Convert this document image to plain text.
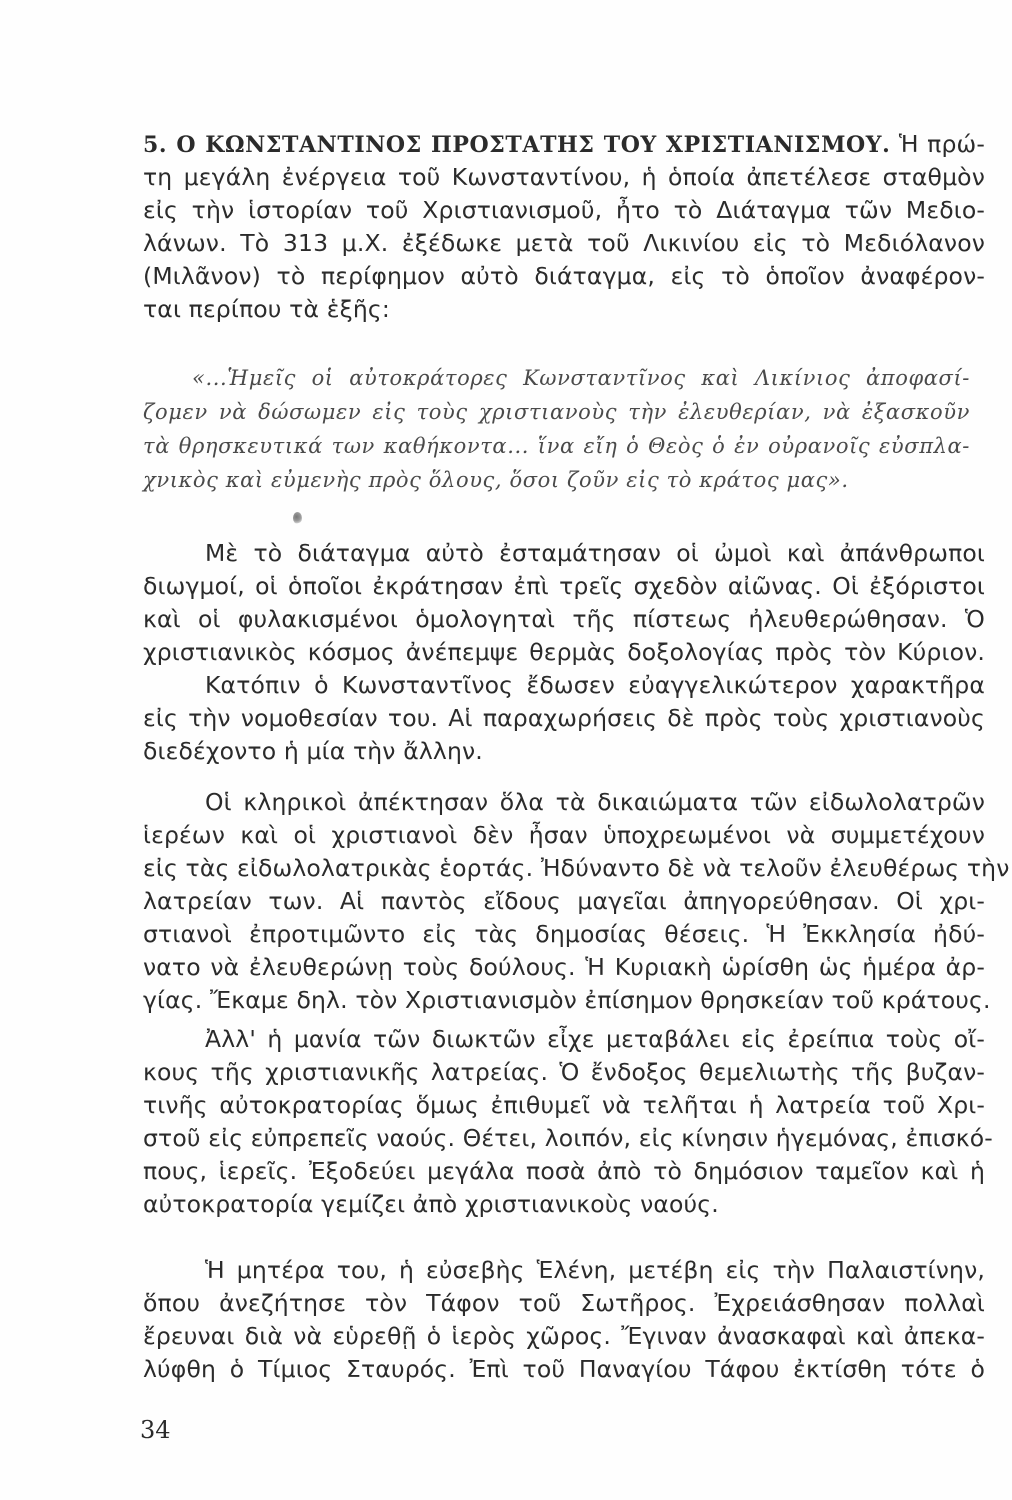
5. Ο ΚΩΝΣΤΑΝΤΙΝΟΣ ΠΡΟΣΤΑΤΗΣ ΤΟΥ ΧΡΙΣΤΙΑΝΙΣΜΟΥ. Ἡ πρώ-
τη μεγάλη ἐνέργεια τοῦ Κωνσταντίνου, ἡ ὁποία ἀπετέλεσε σταθμὸν
εἰς τὴν ἱστορίαν τοῦ Χριστιανισμοῦ, ἦτο τὸ Διάταγμα τῶν Μεδιο-
λάνων. Τὸ 313 μ.Χ. ἐξέδωκε μετὰ τοῦ Λικινίου εἰς τὸ Μεδιόλανον
(Μιλᾶνον) τὸ περίφημον αὐτὸ διάταγμα, εἰς τὸ ὁποῖον ἀναφέρον-
ται περίπου τὰ ἑξῆς:
«...Ἡμεῖς οἱ αὐτοκράτορες Κωνσταντῖνος καὶ Λικίνιος ἀποφασί-
ζομεν νὰ δώσωμεν εἰς τοὺς χριστιανοὺς τὴν ἐλευθερίαν, νὰ ἐξασκοῦν
τὰ θρησκευτικά των καθήκοντα... ἵνα εἴη ὁ Θεὸς ὁ ἐν οὐρανοῖς εὐσπλα-
χνικὸς καὶ εὐμενὴς πρὸς ὅλους, ὅσοι ζοῦν εἰς τὸ κράτος μας».
Μὲ τὸ διάταγμα αὐτὸ ἐσταμάτησαν οἱ ὠμοὶ καὶ ἀπάνθρωποι
διωγμοί, οἱ ὁποῖοι ἐκράτησαν ἐπὶ τρεῖς σχεδὸν αἰῶνας. Οἱ ἐξόριστοι
καὶ οἱ φυλακισμένοι ὁμολογηταὶ τῆς πίστεως ἠλευθερώθησαν. Ὁ
χριστιανικὸς κόσμος ἀνέπεμψε θερμὰς δοξολογίας πρὸς τὸν Κύριον.
Κατόπιν ὁ Κωνσταντῖνος ἔδωσεν εὐαγγελικώτερον χαρακτῆρα
εἰς τὴν νομοθεσίαν του. Αἱ παραχωρήσεις δὲ πρὸς τοὺς χριστιανοὺς
διεδέχοντο ἡ μία τὴν ἄλλην.
Οἱ κληρικοὶ ἀπέκτησαν ὅλα τὰ δικαιώματα τῶν εἰδωλολατρῶν
ἱερέων καὶ οἱ χριστιανοὶ δὲν ἦσαν ὑποχρεωμένοι νὰ συμμετέχουν
εἰς τὰς εἰδωλολατρικὰς ἑορτάς. Ἠδύναντο δὲ νὰ τελοῦν ἐλευθέρως τὴν
λατρείαν των. Αἱ παντὸς εἴδους μαγεῖαι ἀπηγορεύθησαν. Οἱ χρι-
στιανοὶ ἐπροτιμῶντο εἰς τὰς δημοσίας θέσεις. Ἡ Ἐκκλησία ἠδύ-
νατο νὰ ἐλευθερώνῃ τοὺς δούλους. Ἡ Κυριακὴ ὡρίσθη ὡς ἡμέρα ἀρ-
γίας. Ἔκαμε δηλ. τὸν Χριστιανισμὸν ἐπίσημον θρησκείαν τοῦ κράτους.
Ἀλλ' ἡ μανία τῶν διωκτῶν εἶχε μεταβάλει εἰς ἐρείπια τοὺς οἴ-
κους τῆς χριστιανικῆς λατρείας. Ὁ ἔνδοξος θεμελιωτὴς τῆς βυζαν-
τινῆς αὐτοκρατορίας ὅμως ἐπιθυμεῖ νὰ τελῆται ἡ λατρεία τοῦ Χρι-
στοῦ εἰς εὐπρεπεῖς ναούς. Θέτει, λοιπόν, εἰς κίνησιν ἡγεμόνας, ἐπισκό-
πους, ἱερεῖς. Ἐξοδεύει μεγάλα ποσὰ ἀπὸ τὸ δημόσιον ταμεῖον καὶ ἡ
αὐτοκρατορία γεμίζει ἀπὸ χριστιανικοὺς ναούς.
Ἡ μητέρα του, ἡ εὐσεβὴς Ἑλένη, μετέβη εἰς τὴν Παλαιστίνην,
ὅπου ἀνεζήτησε τὸν Τάφον τοῦ Σωτῆρος. Ἐχρειάσθησαν πολλαὶ
ἔρευναι διὰ νὰ εὑρεθῇ ὁ ἱερὸς χῶρος. Ἔγιναν ἀνασκαφαὶ καὶ ἀπεκα-
λύφθη ὁ Τίμιος Σταυρός. Ἐπὶ τοῦ Παναγίου Τάφου ἐκτίσθη τότε ὁ
34
